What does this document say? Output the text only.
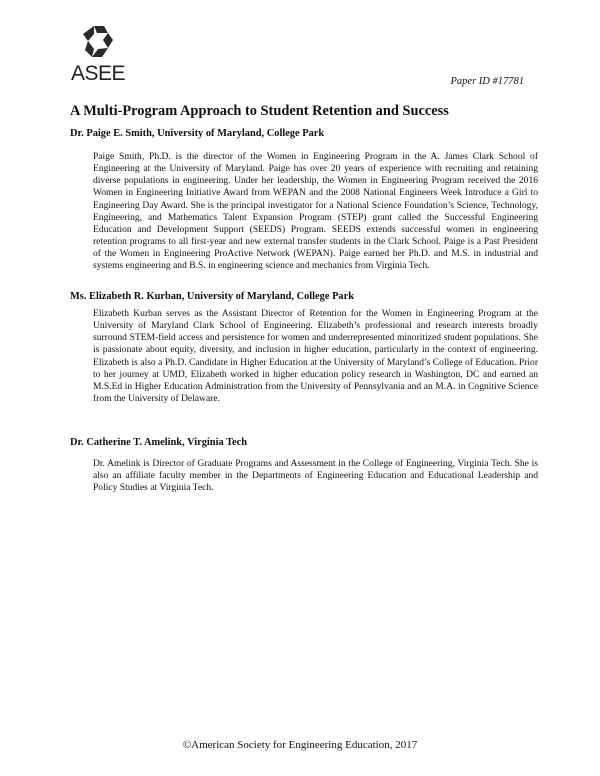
ASEE	Paper ID #17781
A Multi-Program Approach to Student Retention and Success

Dr. Paige E. Smith, University of Maryland, College Park

Paige Smith, Ph.D. is the director of the Women in Engineering Program in the A. James Clark School of Engineering at the University of Maryland. Paige has over 20 years of experience with recruiting and retaining diverse populations in engineering. Under her leadership, the Women in Engineering Program received the 2016 Women in Engineering Initiative Award from WEPAN and the 2008 National Engineers Week Introduce a Girl to Engineering Day Award. She is the principal investigator for a National Science Foundation’s Science, Technology, Engineering, and Mathematics Talent Expansion Program (STEP) grant called the Successful Engineering Education and Development Support (SEEDS) Program. SEEDS extends successful women in engineering retention programs to all first-year and new external transfer students in the Clark School. Paige is a Past President of the Women in Engineering ProActive Network (WEPAN). Paige earned her Ph.D. and M.S. in industrial and systems engineering and B.S. in engineering science and mechanics from Virginia Tech.

Ms. Elizabeth R. Kurban, University of Maryland, College Park

Elizabeth Kurban serves as the Assistant Director of Retention for the Women in Engineering Program at the University of Maryland Clark School of Engineering. Elizabeth’s professional and research interests broadly surround STEM-field access and persistence for women and underrepresented minoritized student populations. She is passionate about equity, diversity, and inclusion in higher education, particularly in the context of engineering. Elizabeth is also a Ph.D. Candidate in Higher Education at the University of Maryland’s College of Education. Prior to her journey at UMD, Elizabeth worked in higher education policy research in Washington, DC and earned an M.S.Ed in Higher Education Administration from the University of Pennsylvania and an M.A. in Cognitive Science from the University of Delaware.

Dr. Catherine T. Amelink, Virginia Tech

Dr. Amelink is Director of Graduate Programs and Assessment in the College of Engineering, Virginia Tech. She is also an affiliate faculty member in the Departments of Engineering Education and Educational Leadership and Policy Studies at Virginia Tech.

©American Society for Engineering Education, 2017
